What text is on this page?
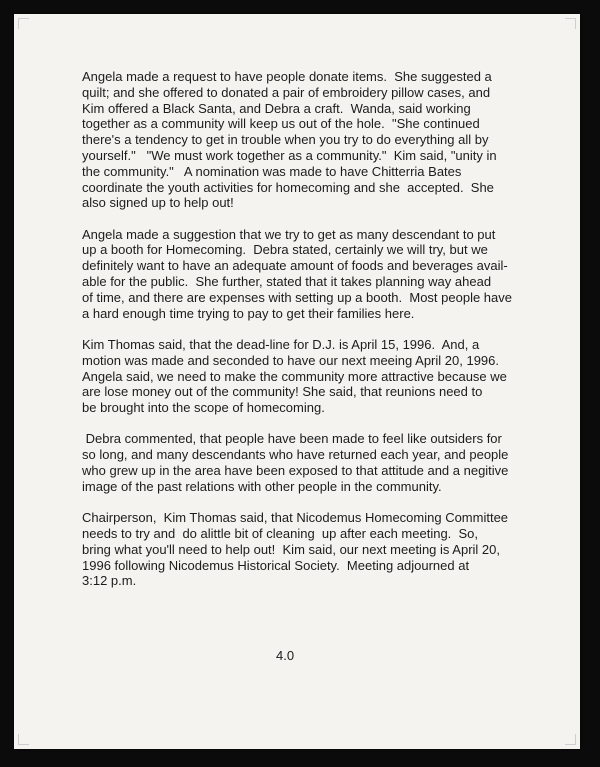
Angela made a request to have people donate items.  She suggested a
quilt; and she offered to donated a pair of embroidery pillow cases, and
Kim offered a Black Santa, and Debra a craft.  Wanda, said working
together as a community will keep us out of the hole.  "She continued
there's a tendency to get in trouble when you try to do everything all by
yourself."   "We must work together as a community."  Kim said, "unity in
the community."   A nomination was made to have Chitterria Bates
coordinate the youth activities for homecoming and she  accepted.  She
also signed up to help out!

Angela made a suggestion that we try to get as many descendant to put
up a booth for Homecoming.  Debra stated, certainly we will try, but we
definitely want to have an adequate amount of foods and beverages avail-
able for the public.  She further, stated that it takes planning way ahead
of time, and there are expenses with setting up a booth.  Most people have
a hard enough time trying to pay to get their families here.

Kim Thomas said, that the dead-line for D.J. is April 15, 1996.  And, a
motion was made and seconded to have our next meeing April 20, 1996.
Angela said, we need to make the community more attractive because we
are lose money out of the community! She said, that reunions need to
be brought into the scope of homecoming.

Debra commented, that people have been made to feel like outsiders for
so long, and many descendants who have returned each year, and people
who grew up in the area have been exposed to that attitude and a negitive
image of the past relations with other people in the community.

Chairperson,  Kim Thomas said, that Nicodemus Homecoming Committee
needs to try and  do alittle bit of cleaning  up after each meeting.  So,
bring what you'll need to help out!  Kim said, our next meeting is April 20,
1996 following Nicodemus Historical Society.  Meeting adjourned at
3:12 p.m.

4.0
